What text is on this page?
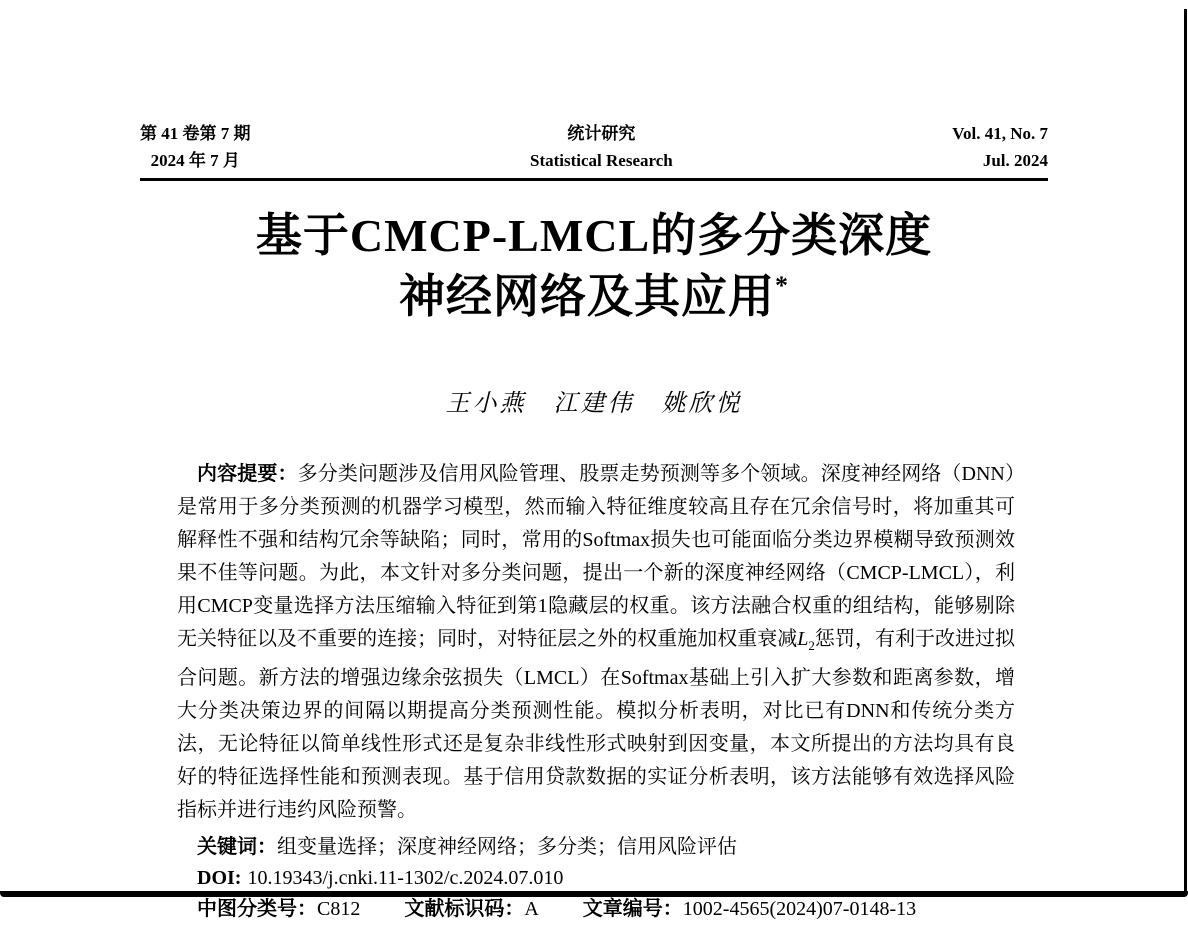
第 41 卷第 7 期
2024 年 7 月
统计研究
Statistical Research
Vol. 41, No. 7
Jul. 2024
基于CMCP-LMCL的多分类深度
神经网络及其应用*
王小燕　江建伟　姚欣悦

内容提要：多分类问题涉及信用风险管理、股票走势预测等多个领域。深度神经网络（DNN）是常用于多分类预测的机器学习模型，然而输入特征维度较高且存在冗余信号时，将加重其可解释性不强和结构冗余等缺陷；同时，常用的Softmax损失也可能面临分类边界模糊导致预测效果不佳等问题。为此，本文针对多分类问题，提出一个新的深度神经网络（CMCP-LMCL），利用CMCP变量选择方法压缩输入特征到第1隐藏层的权重。该方法融合权重的组结构，能够剔除无关特征以及不重要的连接；同时，对特征层之外的权重施加权重衰减$L_2$惩罚，有利于改进过拟合问题。新方法的增强边缘余弦损失（LMCL）在Softmax基础上引入扩大参数和距离参数，增大分类决策边界的间隔以期提高分类预测性能。模拟分析表明，对比已有DNN和传统分类方法，无论特征以简单线性形式还是复杂非线性形式映射到因变量，本文所提出的方法均具有良好的特征选择性能和预测表现。基于信用贷款数据的实证分析表明，该方法能够有效选择风险指标并进行违约风险预警。

关键词：组变量选择；深度神经网络；多分类；信用风险评估

DOI: 10.19343/j.cnki.11-1302/c.2024.07.010

中图分类号：C812 文献标识码：A 文章编号：1002-4565(2024)07-0148-13
